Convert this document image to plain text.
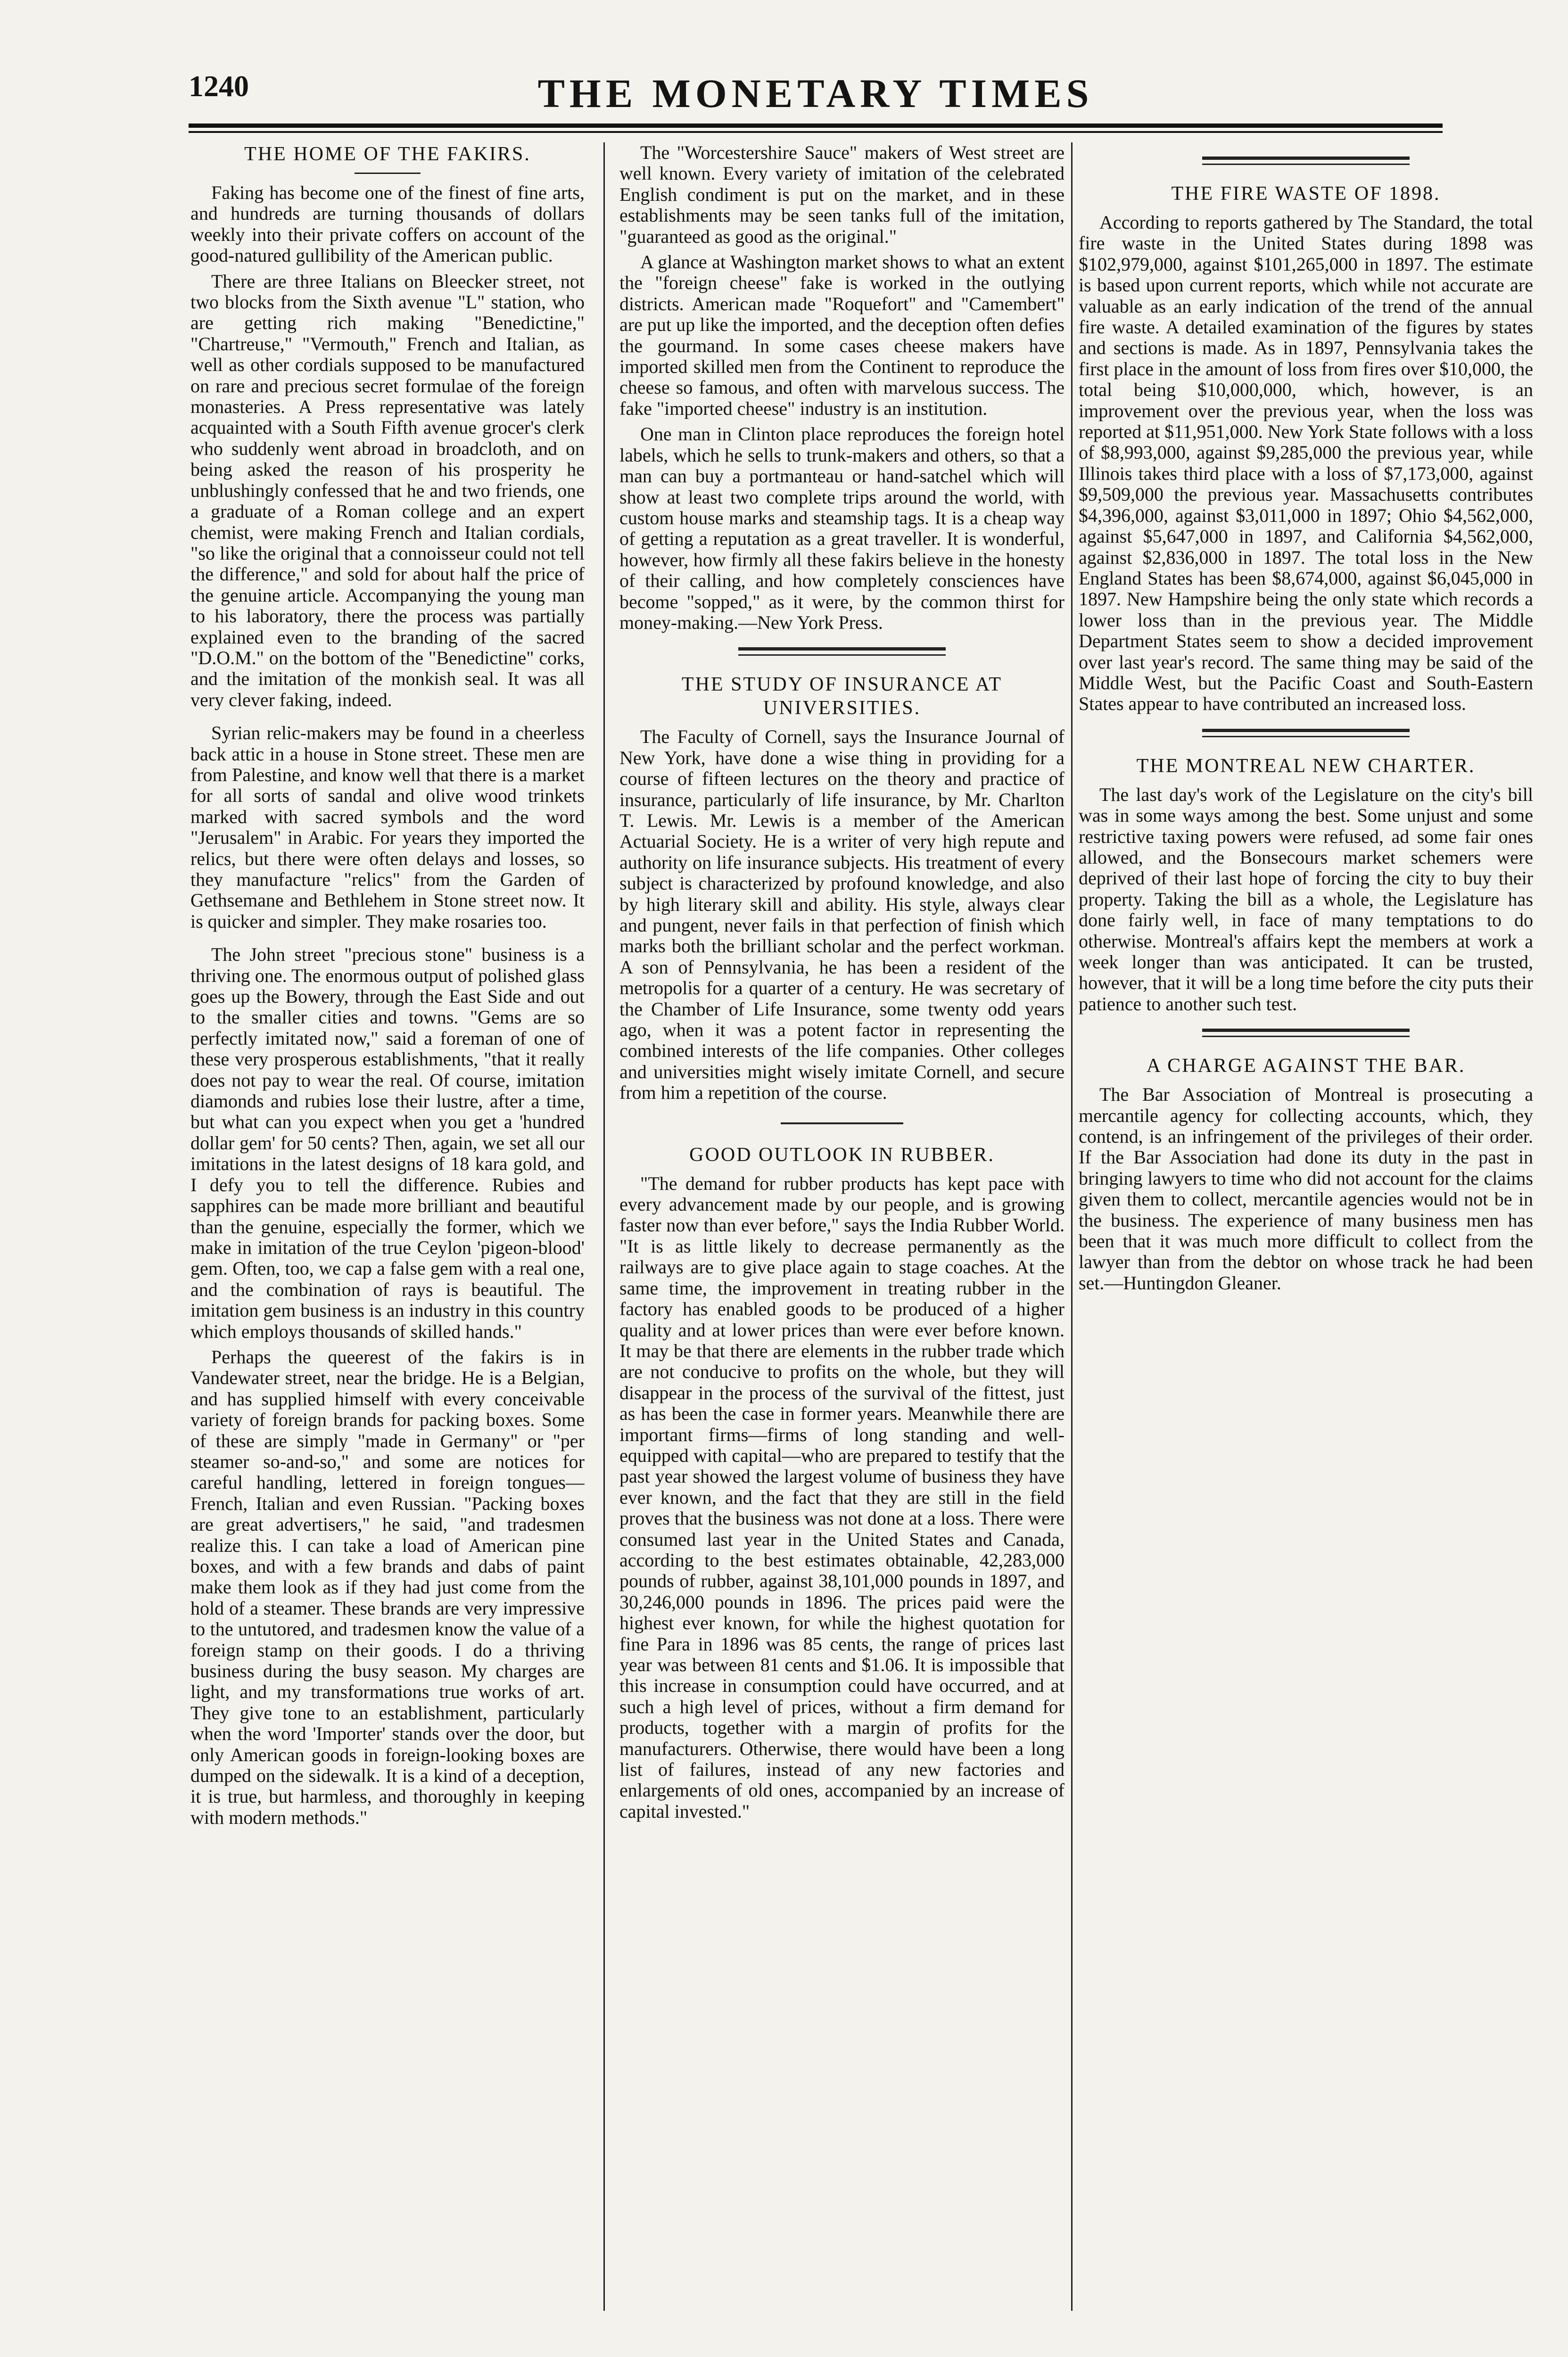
1240	THE MONETARY TIMES
THE HOME OF THE FAKIRS.

Faking has become one of the finest of fine arts, and hundreds are turning thousands of dollars weekly into their private coffers on account of the good-natured gullibility of the American public.

There are three Italians on Bleecker street, not two blocks from the Sixth avenue "L" station, who are getting rich making "Benedictine," "Chartreuse," "Vermouth," French and Italian, as well as other cordials supposed to be manufactured on rare and precious secret formulae of the foreign monasteries. A Press representative was lately acquainted with a South Fifth avenue grocer's clerk who suddenly went abroad in broadcloth, and on being asked the reason of his prosperity he unblushingly confessed that he and two friends, one a graduate of a Roman college and an expert chemist, were making French and Italian cordials, "so like the original that a connoisseur could not tell the difference," and sold for about half the price of the genuine article. Accompanying the young man to his laboratory, there the process was partially explained even to the branding of the sacred "D.O.M." on the bottom of the "Benedictine" corks, and the imitation of the monkish seal. It was all very clever faking, indeed.

Syrian relic-makers may be found in a cheerless back attic in a house in Stone street. These men are from Palestine, and know well that there is a market for all sorts of sandal and olive wood trinkets marked with sacred symbols and the word "Jerusalem" in Arabic. For years they imported the relics, but there were often delays and losses, so they manufacture "relics" from the Garden of Gethsemane and Bethlehem in Stone street now. It is quicker and simpler. They make rosaries too.

The John street "precious stone" business is a thriving one. The enormous output of polished glass goes up the Bowery, through the East Side and out to the smaller cities and towns. "Gems are so perfectly imitated now," said a foreman of one of these very prosperous establishments, "that it really does not pay to wear the real. Of course, imitation diamonds and rubies lose their lustre, after a time, but what can you expect when you get a 'hundred dollar gem' for 50 cents? Then, again, we set all our imitations in the latest designs of 18 kara gold, and I defy you to tell the difference. Rubies and sapphires can be made more brilliant and beautiful than the genuine, especially the former, which we make in imitation of the true Ceylon 'pigeon-blood' gem. Often, too, we cap a false gem with a real one, and the combination of rays is beautiful. The imitation gem business is an industry in this country which employs thousands of skilled hands."

Perhaps the queerest of the fakirs is in Vandewater street, near the bridge. He is a Belgian, and has supplied himself with every conceivable variety of foreign brands for packing boxes. Some of these are simply "made in Germany" or "per steamer so-and-so," and some are notices for careful handling, lettered in foreign tongues—French, Italian and even Russian. "Packing boxes are great advertisers," he said, "and tradesmen realize this. I can take a load of American pine boxes, and with a few brands and dabs of paint make them look as if they had just come from the hold of a steamer. These brands are very impressive to the untutored, and tradesmen know the value of a foreign stamp on their goods. I do a thriving business during the busy season. My charges are light, and my transformations true works of art. They give tone to an establishment, particularly when the word 'Importer' stands over the door, but only American goods in foreign-looking boxes are dumped on the sidewalk. It is a kind of a deception, it is true, but harmless, and thoroughly in keeping with modern methods."

The "Worcestershire Sauce" makers of West street are well known. Every variety of imitation of the celebrated English condiment is put on the market, and in these establishments may be seen tanks full of the imitation, "guaranteed as good as the original."

A glance at Washington market shows to what an extent the "foreign cheese" fake is worked in the outlying districts. American made "Roquefort" and "Camembert" are put up like the imported, and the deception often defies the gourmand. In some cases cheese makers have imported skilled men from the Continent to reproduce the cheese so famous, and often with marvelous success. The fake "imported cheese" industry is an institution.

One man in Clinton place reproduces the foreign hotel labels, which he sells to trunk-makers and others, so that a man can buy a portmanteau or hand-satchel which will show at least two complete trips around the world, with custom house marks and steamship tags. It is a cheap way of getting a reputation as a great traveller. It is wonderful, however, how firmly all these fakirs believe in the honesty of their calling, and how completely consciences have become "sopped," as it were, by the common thirst for money-making.—New York Press.

THE STUDY OF INSURANCE AT UNIVERSITIES.

The Faculty of Cornell, says the Insurance Journal of New York, have done a wise thing in providing for a course of fifteen lectures on the theory and practice of insurance, particularly of life insurance, by Mr. Charlton T. Lewis. Mr. Lewis is a member of the American Actuarial Society. He is a writer of very high repute and authority on life insurance subjects. His treatment of every subject is characterized by profound knowledge, and also by high literary skill and ability. His style, always clear and pungent, never fails in that perfection of finish which marks both the brilliant scholar and the perfect workman. A son of Pennsylvania, he has been a resident of the metropolis for a quarter of a century. He was secretary of the Chamber of Life Insurance, some twenty odd years ago, when it was a potent factor in representing the combined interests of the life companies. Other colleges and universities might wisely imitate Cornell, and secure from him a repetition of the course.

GOOD OUTLOOK IN RUBBER.

"The demand for rubber products has kept pace with every advancement made by our people, and is growing faster now than ever before," says the India Rubber World. "It is as little likely to decrease permanently as the railways are to give place again to stage coaches. At the same time, the improvement in treating rubber in the factory has enabled goods to be produced of a higher quality and at lower prices than were ever before known. It may be that there are elements in the rubber trade which are not conducive to profits on the whole, but they will disappear in the process of the survival of the fittest, just as has been the case in former years. Meanwhile there are important firms—firms of long standing and well-equipped with capital—who are prepared to testify that the past year showed the largest volume of business they have ever known, and the fact that they are still in the field proves that the business was not done at a loss. There were consumed last year in the United States and Canada, according to the best estimates obtainable, 42,283,000 pounds of rubber, against 38,101,000 pounds in 1897, and 30,246,000 pounds in 1896. The prices paid were the highest ever known, for while the highest quotation for fine Para in 1896 was 85 cents, the range of prices last year was between 81 cents and $1.06. It is impossible that this increase in consumption could have occurred, and at such a high level of prices, without a firm demand for products, together with a margin of profits for the manufacturers. Otherwise, there would have been a long list of failures, instead of any new factories and enlargements of old ones, accompanied by an increase of capital invested."

THE FIRE WASTE OF 1898.

According to reports gathered by The Standard, the total fire waste in the United States during 1898 was $102,979,000, against $101,265,000 in 1897. The estimate is based upon current reports, which while not accurate are valuable as an early indication of the trend of the annual fire waste. A detailed examination of the figures by states and sections is made. As in 1897, Pennsylvania takes the first place in the amount of loss from fires over $10,000, the total being $10,000,000, which, however, is an improvement over the previous year, when the loss was reported at $11,951,000. New York State follows with a loss of $8,993,000, against $9,285,000 the previous year, while Illinois takes third place with a loss of $7,173,000, against $9,509,000 the previous year. Massachusetts contributes $4,396,000, against $3,011,000 in 1897; Ohio $4,562,000, against $5,647,000 in 1897, and California $4,562,000, against $2,836,000 in 1897. The total loss in the New England States has been $8,674,000, against $6,045,000 in 1897. New Hampshire being the only state which records a lower loss than in the previous year. The Middle Department States seem to show a decided improvement over last year's record. The same thing may be said of the Middle West, but the Pacific Coast and South-Eastern States appear to have contributed an increased loss.

THE MONTREAL NEW CHARTER.

The last day's work of the Legislature on the city's bill was in some ways among the best. Some unjust and some restrictive taxing powers were refused, ad some fair ones allowed, and the Bonsecours market schemers were deprived of their last hope of forcing the city to buy their property. Taking the bill as a whole, the Legislature has done fairly well, in face of many temptations to do otherwise. Montreal's affairs kept the members at work a week longer than was anticipated. It can be trusted, however, that it will be a long time before the city puts their patience to another such test.

A CHARGE AGAINST THE BAR.

The Bar Association of Montreal is prosecuting a mercantile agency for collecting accounts, which, they contend, is an infringement of the privileges of their order. If the Bar Association had done its duty in the past in bringing lawyers to time who did not account for the claims given them to collect, mercantile agencies would not be in the business. The experience of many business men has been that it was much more difficult to collect from the lawyer than from the debtor on whose track he had been set.—Huntingdon Gleaner.
